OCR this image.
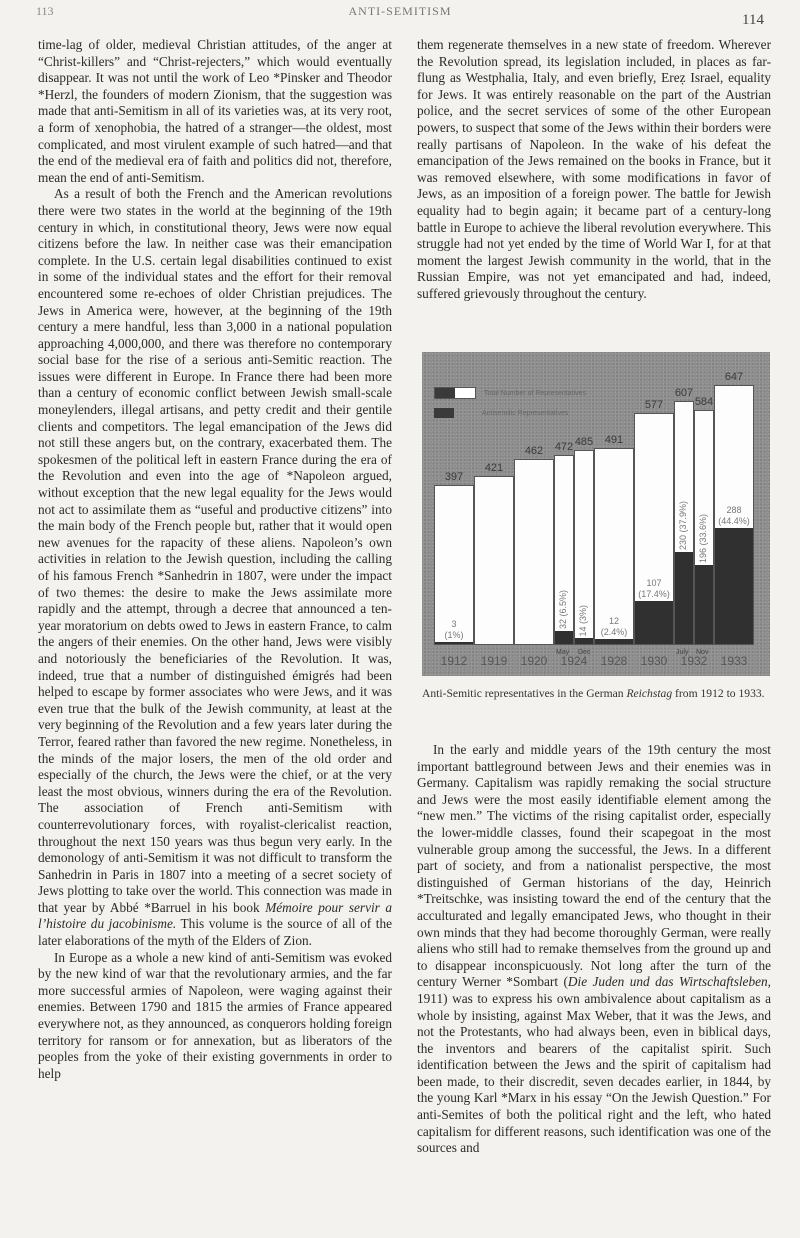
113	ANTI-SEMITISM
114

time-lag of older, medieval Christian attitudes, of the anger at “Christ-killers” and “Christ-rejecters,” which would eventually disappear. It was not until the work of Leo *Pinsker and Theodor *Herzl, the founders of modern Zionism, that the suggestion was made that anti-Semitism in all of its varieties was, at its very root, a form of xenophobia, the hatred of a stranger—the oldest, most complicated, and most virulent example of such hatred—and that the end of the medieval era of faith and politics did not, therefore, mean the end of anti-Semitism.

As a result of both the French and the American revolutions there were two states in the world at the beginning of the 19th century in which, in constitutional theory, Jews were now equal citizens before the law. In neither case was their emancipation complete. In the U.S. certain legal disabilities continued to exist in some of the individual states and the effort for their removal encountered some re-echoes of older Christian prejudices. The Jews in America were, however, at the beginning of the 19th century a mere handful, less than 3,000 in a national population approaching 4,000,000, and there was therefore no contemporary social base for the rise of a serious anti-Semitic reaction. The issues were different in Europe. In France there had been more than a century of economic conflict between Jewish small-scale moneylenders, illegal artisans, and petty credit and their gentile clients and competitors. The legal emancipation of the Jews did not still these angers but, on the contrary, exacerbated them. The spokesmen of the political left in eastern France during the era of the Revolution and even into the age of *Napoleon argued, without exception that the new legal equality for the Jews would not act to assimilate them as “useful and productive citizens” into the main body of the French people but, rather that it would open new avenues for the rapacity of these aliens. Napoleon’s own activities in relation to the Jewish question, including the calling of his famous French *Sanhedrin in 1807, were under the impact of two themes: the desire to make the Jews assimilate more rapidly and the attempt, through a decree that announced a ten-year moratorium on debts owed to Jews in eastern France, to calm the angers of their enemies. On the other hand, Jews were visibly and notoriously the beneficiaries of the Revolution. It was, indeed, true that a number of distinguished émigrés had been helped to escape by former associates who were Jews, and it was even true that the bulk of the Jewish community, at least at the very beginning of the Revolution and a few years later during the Terror, feared rather than favored the new regime. Nonetheless, in the minds of the major losers, the men of the old order and especially of the church, the Jews were the chief, or at the very least the most obvious, winners during the era of the Revolution. The association of French anti-Semitism with counterrevolutionary forces, with royalist-clericalist reaction, throughout the next 150 years was thus begun very early. In the demonology of anti-Semitism it was not difficult to transform the Sanhedrin in Paris in 1807 into a meeting of a secret society of Jews plotting to take over the world. This connection was made in that year by Abbé *Barruel in his book Mémoire pour servir a l’histoire du jacobinisme. This volume is the source of all of the later elaborations of the myth of the Elders of Zion.

In Europe as a whole a new kind of anti-Semitism was evoked by the new kind of war that the revolutionary armies, and the far more successful armies of Napoleon, were waging against their enemies. Between 1790 and 1815 the armies of France appeared everywhere not, as they announced, as conquerors holding foreign territory for ransom or for annexation, but as liberators of the peoples from the yoke of their existing governments in order to help

them regenerate themselves in a new state of freedom. Wherever the Revolution spread, its legislation included, in places as far-flung as Westphalia, Italy, and even briefly, Ereẓ Israel, equality for Jews. It was entirely reasonable on the part of the Austrian police, and the secret services of some of the other European powers, to suspect that some of the Jews within their borders were really partisans of Napoleon. In the wake of his defeat the emancipation of the Jews remained on the books in France, but it was removed elsewhere, with some modifications in favor of Jews, as an imposition of a foreign power. The battle for Jewish equality had to begin again; it became part of a century-long battle in Europe to achieve the liberal revolution everywhere. This struggle had not yet ended by the time of World War I, for at that moment the largest Jewish community in the world, that in the Russian Empire, was not yet emancipated and had, indeed, suffered grievously throughout the century.

Total Number of Representatives
Antisemitic Representatives
397
3
(1%)
421
462	472
32 (6.5%)
485
14 (3%)
491
12
(2.4%)
577
107
(17.4%)
607
230 (37.9%)
584
196 (33.6%)
647
288
(44.4%)
1912	1919	1920	1924	1928	1930	1932	1933
May Dec	July Nov
Anti-Semitic representatives in the German Reichstag from 1912 to 1933.

In the early and middle years of the 19th century the most important battleground between Jews and their enemies was in Germany. Capitalism was rapidly remaking the social structure and Jews were the most easily identifiable element among the “new men.” The victims of the rising capitalist order, especially the lower-middle classes, found their scapegoat in the most vulnerable group among the successful, the Jews. In a different part of society, and from a nationalist perspective, the most distinguished of German historians of the day, Heinrich *Treitschke, was insisting toward the end of the century that the acculturated and legally emancipated Jews, who thought in their own minds that they had become thoroughly German, were really aliens who still had to remake themselves from the ground up and to disappear inconspicuously. Not long after the turn of the century Werner *Sombart (Die Juden und das Wirtschaftsleben, 1911) was to express his own ambivalence about capitalism as a whole by insisting, against Max Weber, that it was the Jews, and not the Protestants, who had always been, even in biblical days, the inventors and bearers of the capitalist spirit. Such identification between the Jews and the spirit of capitalism had been made, to their discredit, seven decades earlier, in 1844, by the young Karl *Marx in his essay “On the Jewish Question.” For anti-Semites of both the political right and the left, who hated capitalism for different reasons, such identification was one of the sources and
